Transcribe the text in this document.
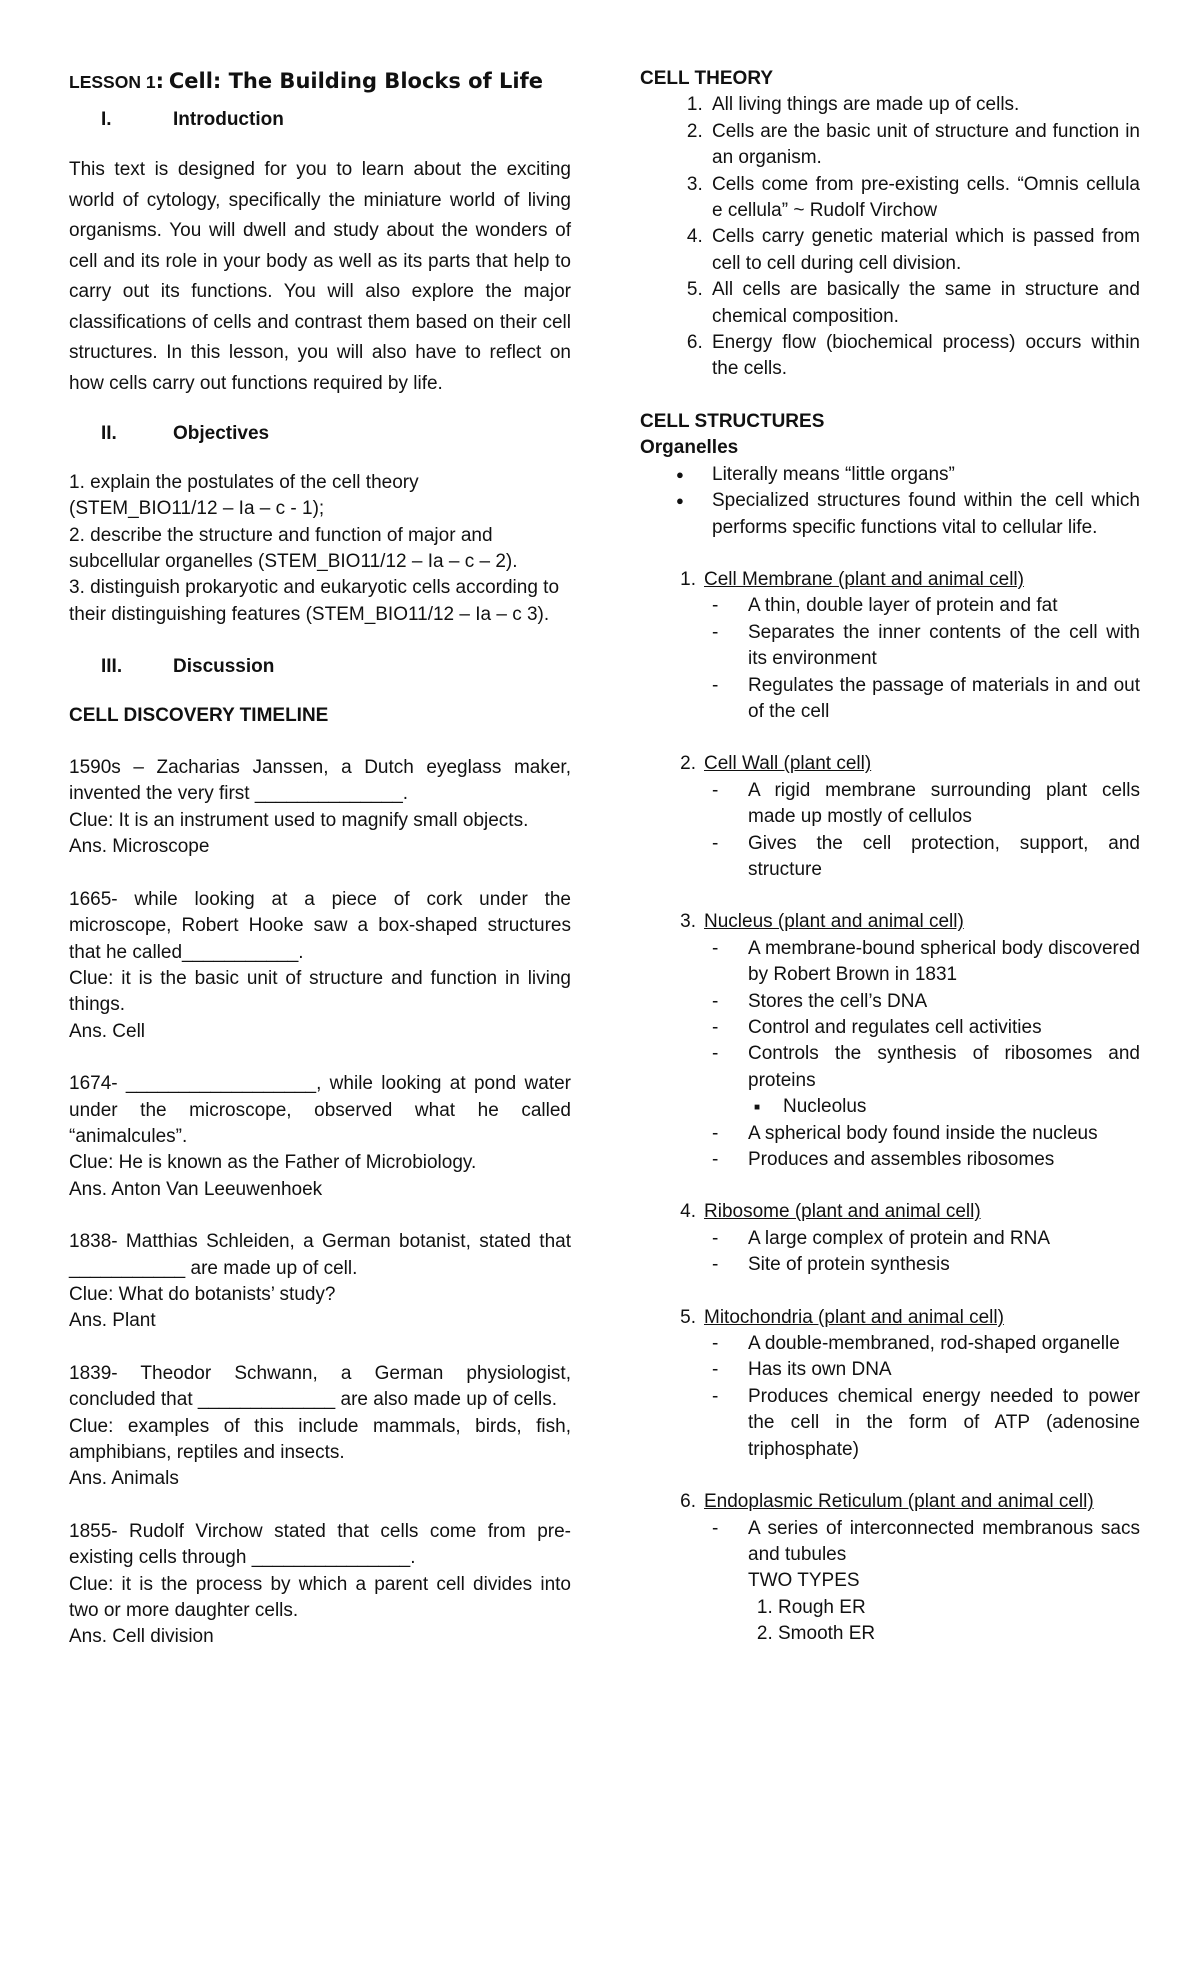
LESSON 1: Cell: The Building Blocks of Life

I.	Introduction

This text is designed for you to learn about the exciting world of cytology, specifically the miniature world of living organisms. You will dwell and study about the wonders of cell and its role in your body as well as its parts that help to carry out its functions. You will also explore the major classifications of cells and contrast them based on their cell structures. In this lesson, you will also have to reflect on how cells carry out functions required by life.

II.	Objectives

1. explain the postulates of the cell theory (STEM_BIO11/12 – Ia – c - 1);

2. describe the structure and function of major and subcellular organelles (STEM_BIO11/12 – Ia – c – 2).

3. distinguish prokaryotic and eukaryotic cells according to their distinguishing features (STEM_BIO11/12 – Ia – c 3).

III.	Discussion

CELL DISCOVERY TIMELINE

1590s – Zacharias Janssen, a Dutch eyeglass maker, invented the very first ______________.

Clue: It is an instrument used to magnify small objects.

Ans. Microscope

1665- while looking at a piece of cork under the microscope, Robert Hooke saw a box-shaped structures that he called___________.

Clue: it is the basic unit of structure and function in living things.

Ans. Cell

1674- __________________, while looking at pond water under the microscope, observed what he called “animalcules”.

Clue: He is known as the Father of Microbiology.

Ans. Anton Van Leeuwenhoek

1838- Matthias Schleiden, a German botanist, stated that ___________ are made up of cell.

Clue: What do botanists’ study?

Ans. Plant

1839- Theodor Schwann, a German physiologist, concluded that _____________ are also made up of cells.

Clue: examples of this include mammals, birds, fish, amphibians, reptiles and insects.

Ans. Animals

1855- Rudolf Virchow stated that cells come from pre-existing cells through _______________.

Clue: it is the process by which a parent cell divides into two or more daughter cells.

Ans. Cell division

CELL THEORY

1. All living things are made up of cells.
2. Cells are the basic unit of structure and function in an organism.
3. Cells come from pre-existing cells. “Omnis cellula e cellula” ~ Rudolf Virchow
4. Cells carry genetic material which is passed from cell to cell during cell division.
5. All cells are basically the same in structure and chemical composition.
6. Energy flow (biochemical process) occurs within the cells.

CELL STRUCTURES

Organelles

● Literally means “little organs”
● Specialized structures found within the cell which performs specific functions vital to cellular life.
1. Cell Membrane (plant and animal cell)
- A thin, double layer of protein and fat
- Separates the inner contents of the cell with its environment
- Regulates the passage of materials in and out of the cell
2. Cell Wall (plant cell)
- A rigid membrane surrounding plant cells made up mostly of cellulos
- Gives the cell protection, support, and structure
3. Nucleus (plant and animal cell)
- A membrane-bound spherical body discovered by Robert Brown in 1831
- Stores the cell’s DNA
- Control and regulates cell activities
- Controls the synthesis of ribosomes and proteins
■ Nucleolus
- A spherical body found inside the nucleus
- Produces and assembles ribosomes
4. Ribosome (plant and animal cell)
- A large complex of protein and RNA
- Site of protein synthesis
5. Mitochondria (plant and animal cell)
- A double-membraned, rod-shaped organelle
- Has its own DNA
- Produces chemical energy needed to power the cell in the form of ATP (adenosine triphosphate)
6. Endoplasmic Reticulum (plant and animal cell)
- A series of interconnected membranous sacs and tubules
TWO TYPES
1. Rough ER
2. Smooth ER
